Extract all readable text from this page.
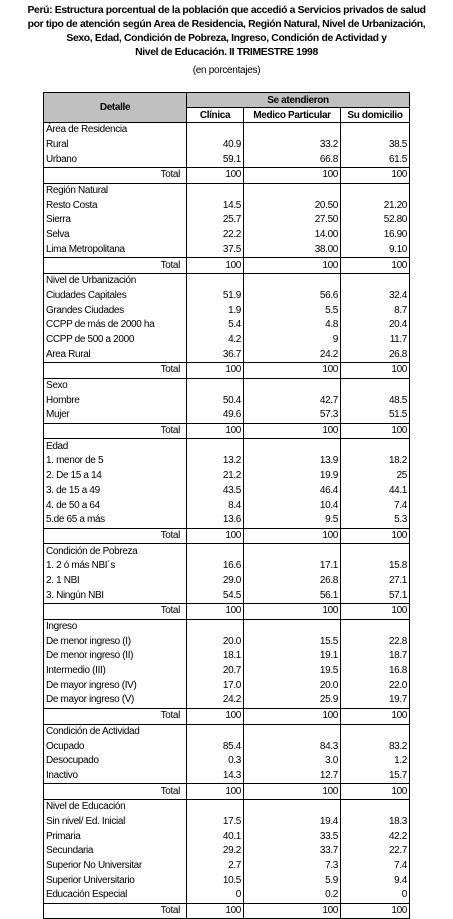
Perú: Estructura porcentual de la población que accedió a Servicios privados de salud
por tipo de atención según Area de Residencia, Región Natural, Nivel de Urbanización,
Sexo, Edad, Condición de Pobreza, Ingreso, Condición de Actividad y
Nivel de Educación. II TRIMESTRE 1998
(en porcentajes)
Detalle	Se atendieron		
	Clínica	Medico Particular	Su domicilio
Área de Residencia			
Rural	40.9	33.2	38.5
Urbano	59.1	66.8	61.5
Total	100	100	100
Región Natural			
Resto Costa	14.5	20.50	21.20
Sierra	25.7	27.50	52.80
Selva	22.2	14.00	16.90
Lima Metropolitana	37.5	38.00	9.10
Total	100	100	100
Nivel de Urbanización			
Ciudades Capitales	51.9	56.6	32.4
Grandes Ciudades	1.9	5.5	8.7
CCPP de más de 2000 ha	5.4	4.8	20.4
CCPP de 500 a 2000	4.2	9	11.7
Area Rural	36.7	24.2	26.8
Total	100	100	100
Sexo			
Hombre	50.4	42.7	48.5
Mujer	49.6	57.3	51.5
Total	100	100	100
Edad			
1. menor de 5	13.2	13.9	18.2
2. De 15 a 14	21.2	19.9	25
3. de 15 a 49	43.5	46.4	44.1
4. de 50 a 64	8.4	10.4	7.4
5.de 65 a más	13.6	9.5	5.3
Total	100	100	100
Condición de Pobreza			
1. 2 ó más NBI´s	16.6	17.1	15.8
2. 1 NBI	29.0	26.8	27.1
3. Ningún NBI	54.5	56.1	57.1
Total	100	100	100
Ingreso			
De menor ingreso (I)	20.0	15.5	22.8
De menor ingreso (II)	18.1	19.1	18.7
Intermedio (III)	20.7	19.5	16.8
De mayor ingreso (IV)	17.0	20.0	22.0
De mayor ingreso (V)	24.2	25.9	19.7
Total	100	100	100
Condición de Actividad			
Ocupado	85.4	84.3	83.2
Desocupado	0.3	3.0	1.2
Inactivo	14.3	12.7	15.7
Total	100	100	100
Nivel de Educación			
Sin nivel/ Ed. Inicial	17.5	19.4	18.3
Primaria	40.1	33.5	42.2
Secundaria	29.2	33.7	22.7
Superior No Universitar	2.7	7.3	7.4
Superior Universitario	10.5	5.9	9.4
Educación Especial	0	0.2	0
Total	100	100	100
